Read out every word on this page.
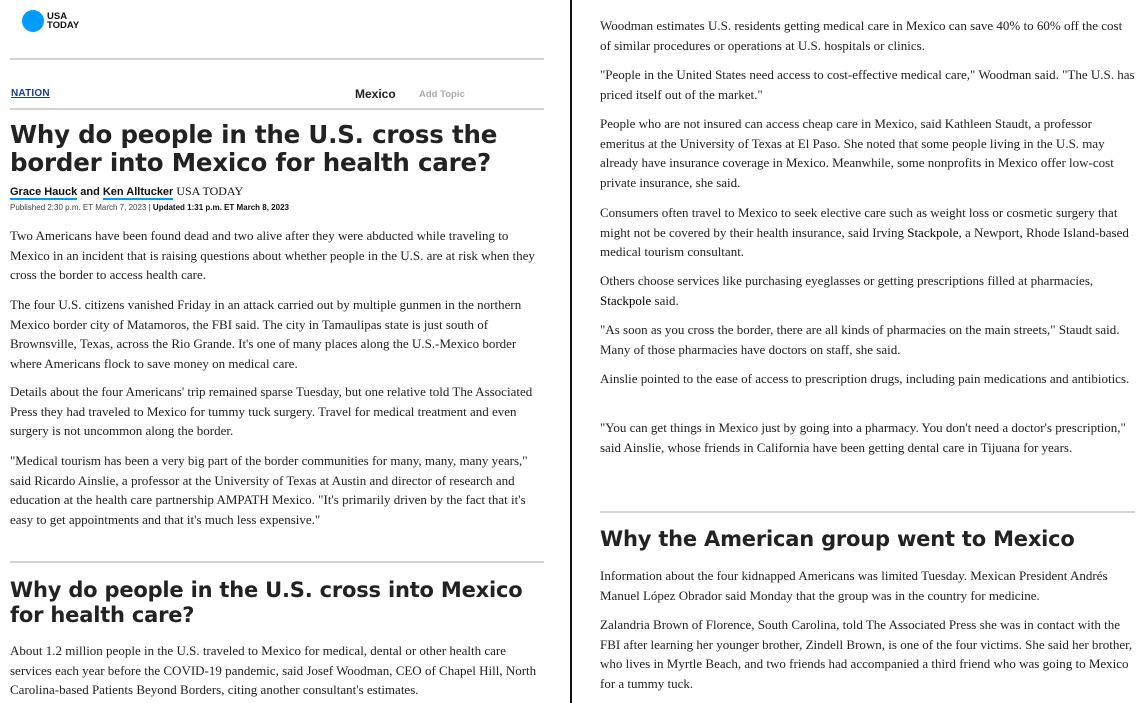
USA
TODAY
NATION	Mexico Add Topic
Why do people in the U.S. cross the border into Mexico for health care?
Grace Hauck and Ken Alltucker USA TODAY
Published 2:30 p.m. ET March 7, 2023 | Updated 1:31 p.m. ET March 8, 2023

Two Americans have been found dead and two alive after they were abducted while traveling to Mexico in an incident that is raising questions about whether people in the U.S. are at risk when they cross the border to access health care.

The four U.S. citizens vanished Friday in an attack carried out by multiple gunmen in the northern Mexico border city of Matamoros, the FBI said. The city in Tamaulipas state is just south of Brownsville, Texas, across the Rio Grande. It's one of many places along the U.S.-Mexico border where Americans flock to save money on medical care.

Details about the four Americans' trip remained sparse Tuesday, but one relative told The Associated Press they had traveled to Mexico for tummy tuck surgery. Travel for medical treatment and even surgery is not uncommon along the border.

"Medical tourism has been a very big part of the border communities for many, many, many years," said Ricardo Ainslie, a professor at the University of Texas at Austin and director of research and education at the health care partnership AMPATH Mexico. "It's primarily driven by the fact that it's easy to get appointments and that it's much less expensive."

Why do people in the U.S. cross into Mexico for health care?

About 1.2 million people in the U.S. traveled to Mexico for medical, dental or other health care services each year before the COVID-19 pandemic, said Josef Woodman, CEO of Chapel Hill, North Carolina-based Patients Beyond Borders, citing another consultant's estimates.

Woodman estimates U.S. residents getting medical care in Mexico can save 40% to 60% off the cost of similar procedures or operations at U.S. hospitals or clinics.

"People in the United States need access to cost-effective medical care," Woodman said. "The U.S. has priced itself out of the market."

People who are not insured can access cheap care in Mexico, said Kathleen Staudt, a professor emeritus at the University of Texas at El Paso. She noted that some people living in the U.S. may already have insurance coverage in Mexico. Meanwhile, some nonprofits in Mexico offer low-cost private insurance, she said.

Consumers often travel to Mexico to seek elective care such as weight loss or cosmetic surgery that might not be covered by their health insurance, said Irving Stackpole, a Newport, Rhode Island-based medical tourism consultant.

Others choose services like purchasing eyeglasses or getting prescriptions filled at pharmacies, Stackpole said.

"As soon as you cross the border, there are all kinds of pharmacies on the main streets," Staudt said. Many of those pharmacies have doctors on staff, she said.

Ainslie pointed to the ease of access to prescription drugs, including pain medications and antibiotics.

"You can get things in Mexico just by going into a pharmacy. You don't need a doctor's prescription," said Ainslie, whose friends in California have been getting dental care in Tijuana for years.

Why the American group went to Mexico

Information about the four kidnapped Americans was limited Tuesday. Mexican President Andrés Manuel López Obrador said Monday that the group was in the country for medicine.

Zalandria Brown of Florence, South Carolina, told The Associated Press she was in contact with the FBI after learning her younger brother, Zindell Brown, is one of the four victims. She said her brother, who lives in Myrtle Beach, and two friends had accompanied a third friend who was going to Mexico for a tummy tuck.
